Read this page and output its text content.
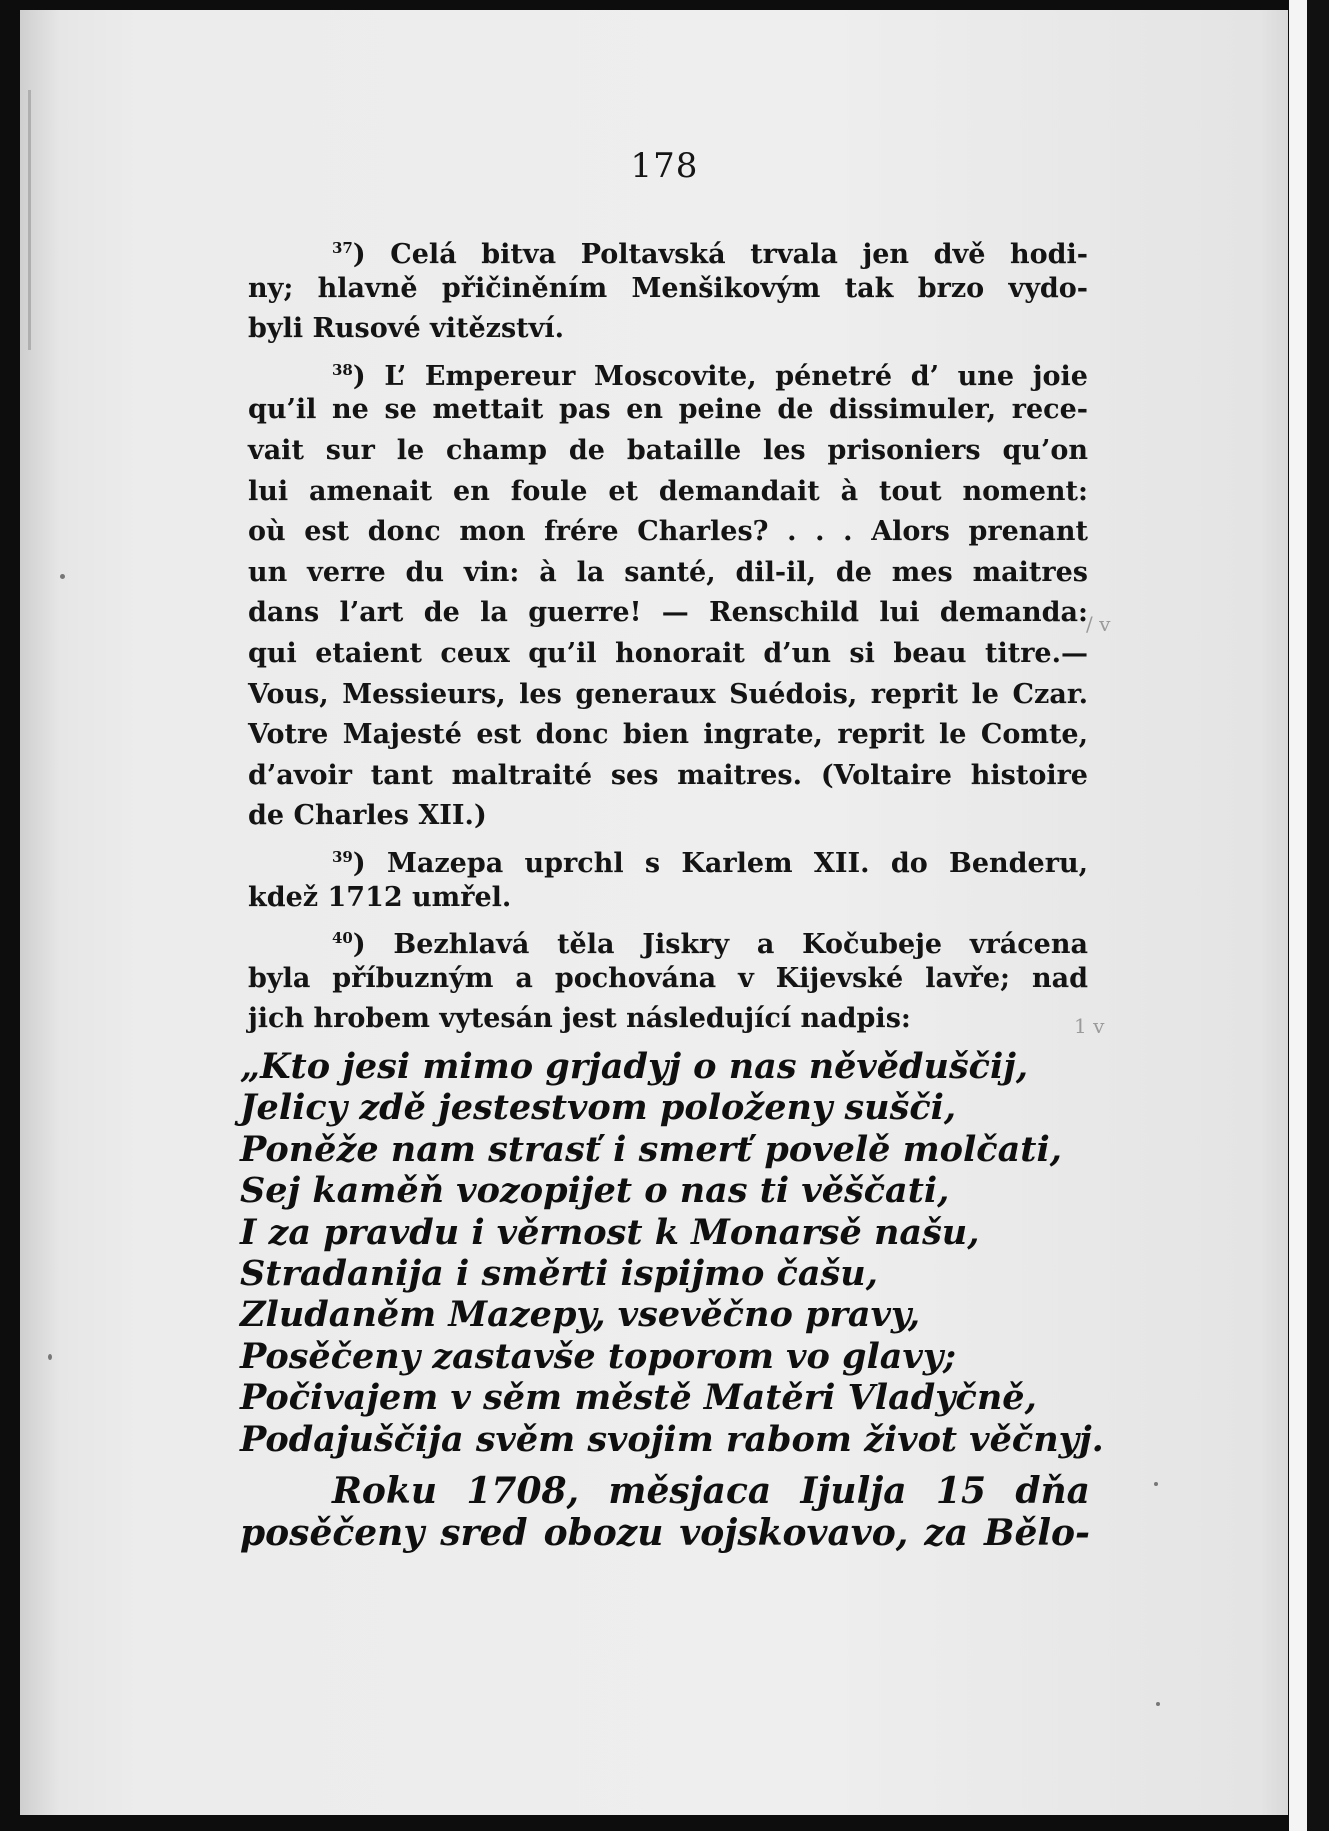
178
$^{37}$) Celá bitva Poltavská trvala jen dvě hodi-
ny; hlavně přičiněním Menšikovým tak brzo vydo-
byli Rusové vitězství.
$^{38}$) L’ Empereur Moscovite, pénetré d’ une joie
qu’il ne se mettait pas en peine de dissimuler, rece-
vait sur le champ de bataille les prisoniers qu’on
lui amenait en foule et demandait à tout noment:
où est donc mon frére Charles? . . . Alors prenant
un verre du vin: à la santé, dil-il, de mes maitres
dans l’art de la guerre! — Renschild lui demanda:
qui etaient ceux qu’il honorait d’un si beau titre.—
Vous, Messieurs, les generaux Suédois, reprit le Czar.
Votre Majesté est donc bien ingrate, reprit le Comte,
d’avoir tant maltraité ses maitres. (Voltaire histoire
de Charles XII.)
$^{39}$) Mazepa uprchl s Karlem XII. do Benderu,
kdež 1712 umřel.
$^{40}$) Bezhlavá těla Jiskry a Kočubeje vrácena
byla příbuzným a pochována v Kijevské lavře; nad
jich hrobem vytesán jest následující nadpis:
„Kto jesi mimo grjadyj o nas něvěduščij,
Jelicy zdě jestestvom položeny sušči,
Poněže nam strasť i smerť povelě molčati,
Sej kaměň vozopijet o nas ti věščati,
I za pravdu i věrnost k Monarsě našu,
Stradanija i směrti ispijmo čašu,
Zludaněm Mazepy, vsevěčno pravy,
Posěčeny zastavše toporom vo glavy;
Počivajem v sěm městě Matěri Vladyčně,
Podajuščija svěm svojim rabom život věčnyj.
Roku 1708, měsjaca Ijulja 15 dňa
posěčeny sred obozu vojskovavo, za Bělo-
/ v
1 v
